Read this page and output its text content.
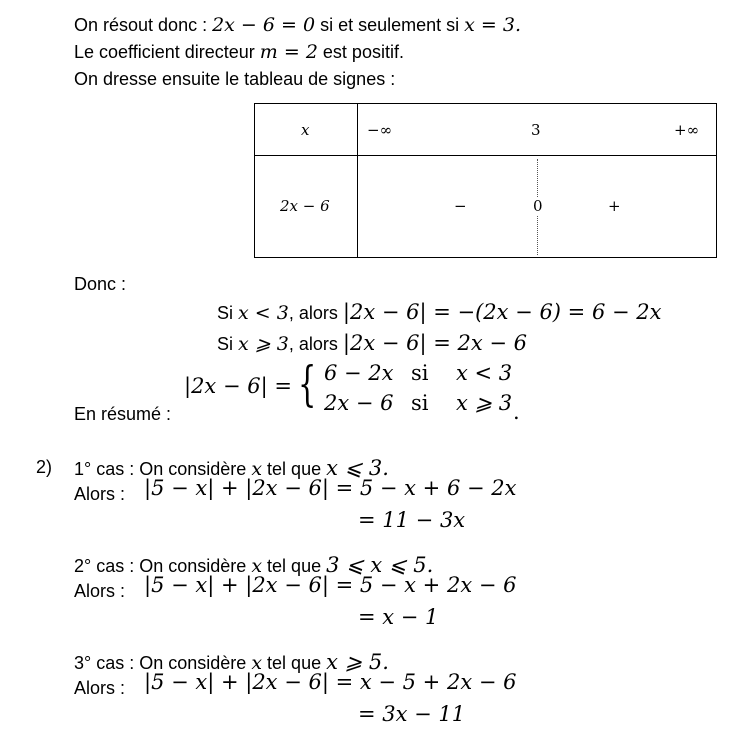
On résout donc : 2x − 6 = 0 si et seulement si x = 3.
Le coefficient directeur m = 2 est positif.
On dresse ensuite le tableau de signes :
x	−∞ 3 +∞

2x − 6	− 0 +
Donc :
Si x < 3, alors |2x − 6| = −(2x − 6) = 6 − 2x
Si x ⩾ 3, alors |2x − 6| = 2x − 6
En résumé :
|2x − 6| = { 6 − 2x si x < 3
2x − 6 si x ⩾ 3 .
2) 1° cas : On considère x tel que x ⩽ 3.
Alors : |5 − x| + |2x − 6| = 5 − x + 6 − 2x
= 11 − 3x
2° cas : On considère x tel que 3 ⩽ x ⩽ 5.
Alors : |5 − x| + |2x − 6| = 5 − x + 2x − 6
= x − 1
3° cas : On considère x tel que x ⩾ 5.
Alors : |5 − x| + |2x − 6| = x − 5 + 2x − 6
= 3x − 11
